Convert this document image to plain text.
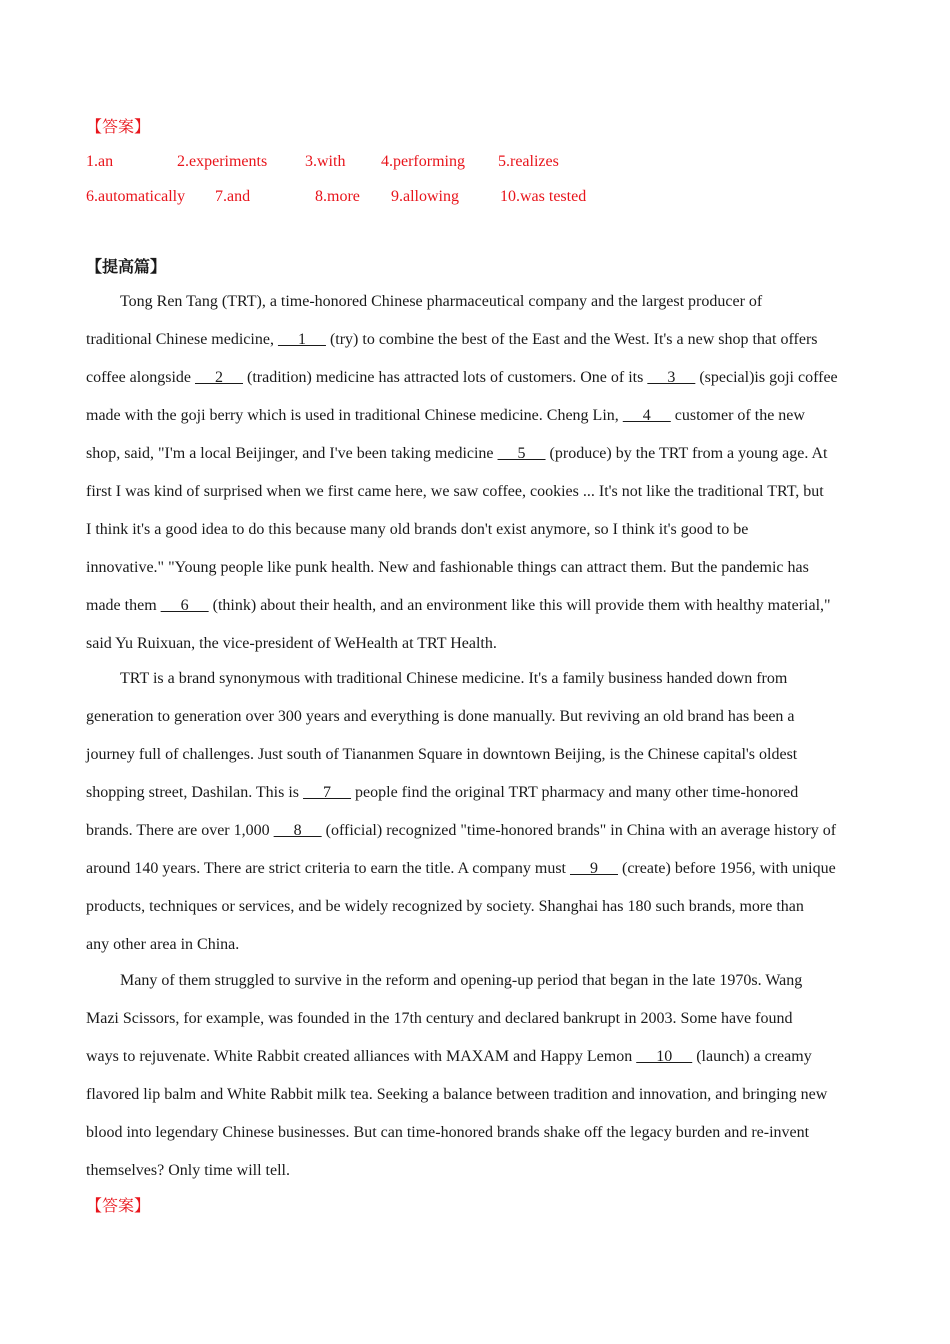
【答案】
1.an	2.experiments 3.with 4.performing 5.realizes
6.automatically 7.and	8.more 9.allowing	10.was tested
【提高篇】
Tong Ren Tang (TRT), a time-honored Chinese pharmaceutical company and the largest producer of
traditional Chinese medicine,  __1__  (try) to combine the best of the East and the West. It's a new shop that offers
coffee alongside  __2__  (tradition) medicine has attracted lots of customers. One of its  __3__  (special)is goji coffee
made with the goji berry which is used in traditional Chinese medicine. Cheng Lin,  __4__  customer of the new
shop, said, "I'm a local Beijinger, and I've been taking medicine  __5__  (produce) by the TRT from a young age. At
first I was kind of surprised when we first came here, we saw coffee, cookies ... It's not like the traditional TRT, but
I think it's a good idea to do this because many old brands don't exist anymore, so I think it's good to be
innovative." "Young people like punk health. New and fashionable things can attract them. But the pandemic has
made them  __6__  (think) about their health, and an environment like this will provide them with healthy material,"
said Yu Ruixuan, the vice-president of WeHealth at TRT Health.
TRT is a brand synonymous with traditional Chinese medicine. It's a family business handed down from
generation to generation over 300 years and everything is done manually. But reviving an old brand has been a
journey full of challenges. Just south of Tiananmen Square in downtown Beijing, is the Chinese capital's oldest
shopping street, Dashilan. This is  __7__  people find the original TRT pharmacy and many other time-honored
brands. There are over 1,000  __8__  (official) recognized "time-honored brands" in China with an average history of
around 140 years. There are strict criteria to earn the title. A company must  __9__  (create) before 1956, with unique
products, techniques or services, and be widely recognized by society. Shanghai has 180 such brands, more than
any other area in China.
Many of them struggled to survive in the reform and opening-up period that began in the late 1970s. Wang
Mazi Scissors, for example, was founded in the 17th century and declared bankrupt in 2003. Some have found
ways to rejuvenate. White Rabbit created alliances with MAXAM and Happy Lemon  __10__  (launch) a creamy
flavored lip balm and White Rabbit milk tea. Seeking a balance between tradition and innovation, and bringing new
blood into legendary Chinese businesses. But can time-honored brands shake off the legacy burden and re-invent
themselves? Only time will tell.
【答案】
